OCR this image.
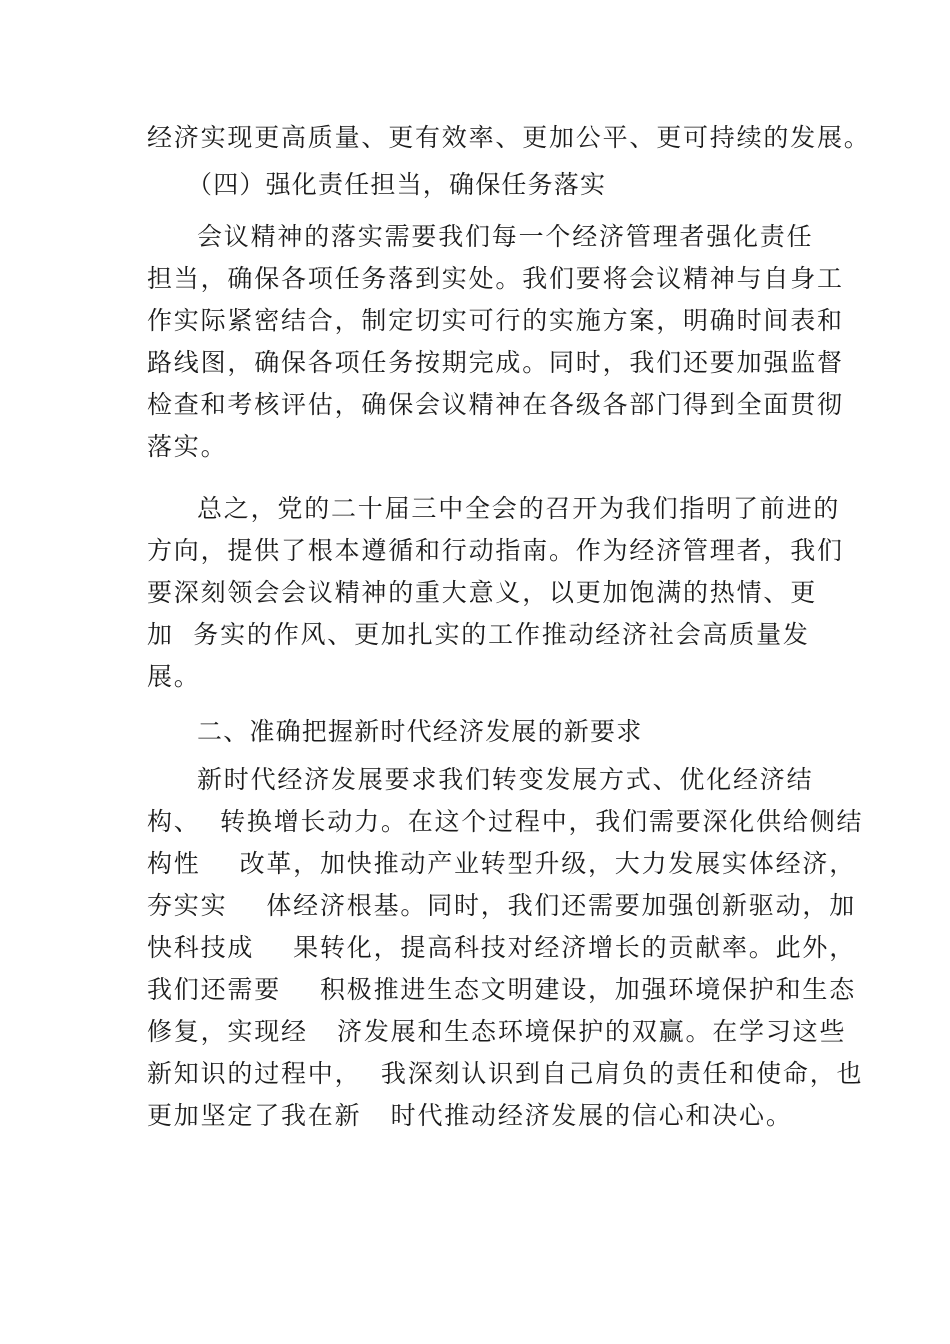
经济实现更高质量、更有效率、更加公平、更可持续的发展。
（四）强化责任担当，确保任务落实
会议精神的落实需要我们每一个经济管理者强化责任
担当，确保各项任务落到实处。我们要将会议精神与自身工
作实际紧密结合，制定切实可行的实施方案，明确时间表和
路线图，确保各项任务按期完成。同时，我们还要加强监督
检查和考核评估，确保会议精神在各级各部门得到全面贯彻
落实。
总之，党的二十届三中全会的召开为我们指明了前进的
方向，提供了根本遵循和行动指南。作为经济管理者，我们
要深刻领会会议精神的重大意义，以更加饱满的热情、更
加  务实的作风、更加扎实的工作推动经济社会高质量发
展。
二、准确把握新时代经济发展的新要求
新时代经济发展要求我们转变发展方式、优化经济结
构、  转换增长动力。在这个过程中，我们需要深化供给侧结
构性    改革，加快推动产业转型升级，大力发展实体经济，
夯实实    体经济根基。同时，我们还需要加强创新驱动，加
快科技成    果转化，提高科技对经济增长的贡献率。此外，
我们还需要    积极推进生态文明建设，加强环境保护和生态
修复，实现经   济发展和生态环境保护的双赢。在学习这些
新知识的过程中，  我深刻认识到自己肩负的责任和使命，也
更加坚定了我在新   时代推动经济发展的信心和决心。
